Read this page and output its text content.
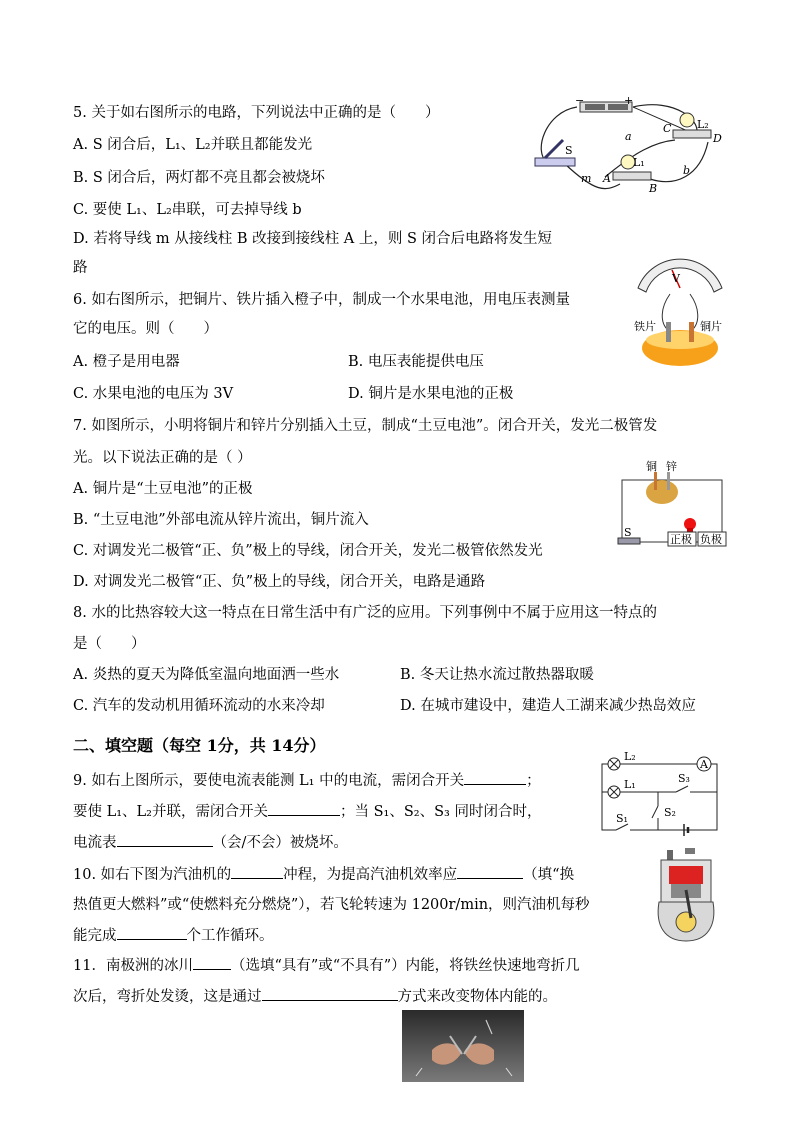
5. 关于如右图所示的电路，下列说法中正确的是（　　）
A. S 闭合后，L₁、L₂并联且都能发光
B. S 闭合后，两灯都不亮且都会被烧坏
C. 要使 L₁、L₂串联，可去掉导线 b
D. 若将导线 m 从接线柱 B 改接到接线柱 A 上，则 S 闭合后电路将发生短
路
−	+
S
A
B
C
D
L₁
L₂
a
b
m
6. 如右图所示，把铜片、铁片插入橙子中，制成一个水果电池，用电压表测量
它的电压。则（　　）
A. 橙子是用电器	B. 电压表能提供电压
C. 水果电池的电压为 3V	D. 铜片是水果电池的正极
V
铁片	铜片
7. 如图所示，小明将铜片和锌片分别插入土豆，制成“土豆电池”。闭合开关，发光二极管发
光。以下说法正确的是（ ）
A. 铜片是“土豆电池”的正极
B. “土豆电池”外部电流从锌片流出，铜片流入
C. 对调发光二极管“正、负”极上的导线，闭合开关，发光二极管依然发光
D. 对调发光二极管“正、负”极上的导线，闭合开关，电路是通路
铜 锌
S
正极 负极
8. 水的比热容较大这一特点在日常生活中有广泛的应用。下列事例中不属于应用这一特点的
是（　　）
A. 炎热的夏天为降低室温向地面洒一些水	B. 冬天让热水流过散热器取暖
C. 汽车的发动机用循环流动的水来冷却	D. 在城市建设中，建造人工湖来减少热岛效应
二、填空题（每空 1分，共 14分）
9. 如右上图所示，要使电流表能测 L₁ 中的电流，需闭合开关	；
要使 L₁、L₂并联，需闭合开关	；当 S₁、S₂、S₃ 同时闭合时，
电流表	（会/不会）被烧坏。
A
L₂
L₁	S₃
S₂
S₁
10. 如右下图为汽油机的	冲程，为提高汽油机效率应	（填“换
热值更大燃料”或“使燃料充分燃烧”），若飞轮转速为 1200r/min，则汽油机每秒
能完成	个工作循环。
11．南极洲的冰川	（选填“具有”或“不具有”）内能，将铁丝快速地弯折几
次后，弯折处发烫，这是通过	方式来改变物体内能的。
